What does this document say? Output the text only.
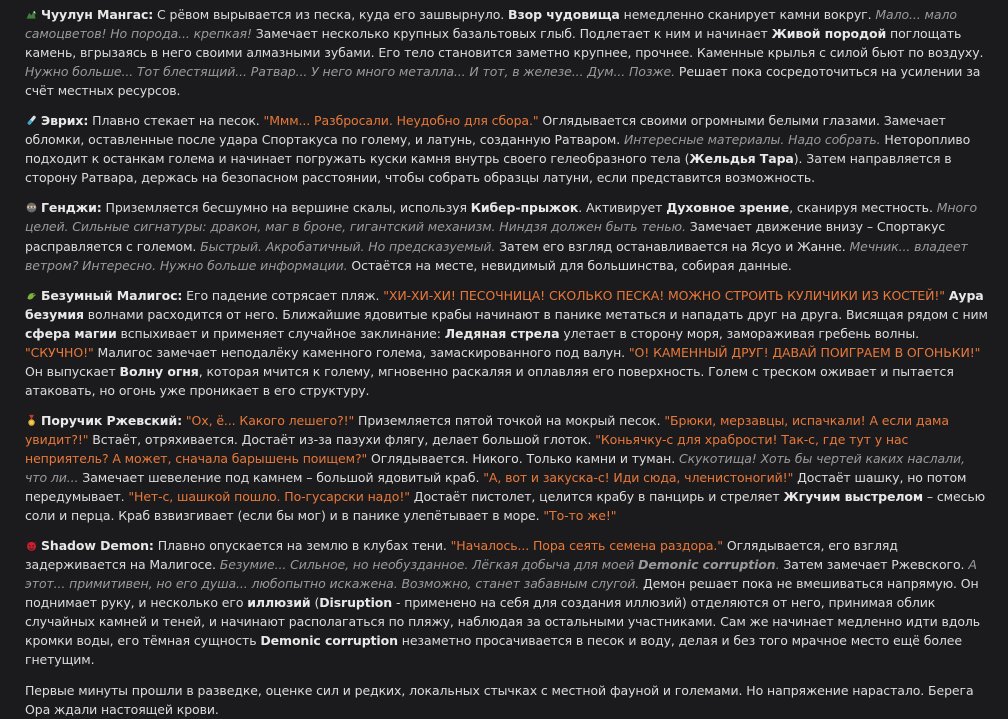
Чуулун Мангас: С рёвом вырывается из песка, куда его зашвырнуло. Взор чудовища немедленно сканирует камни вокруг. Мало... мало самоцветов! Но порода... крепкая! Замечает несколько крупных базальтовых глыб. Подлетает к ним и начинает Живой породой поглощать камень, вгрызаясь в него своими алмазными зубами. Его тело становится заметно крупнее, прочнее. Каменные крылья с силой бьют по воздуху. Нужно больше... Тот блестящий... Ратвар... У него много металла... И тот, в железе... Дум... Позже. Решает пока сосредоточиться на усилении за счёт местных ресурсов.
Эврих: Плавно стекает на песок. "Ммм... Разбросали. Неудобно для сбора." Оглядывается своими огромными белыми глазами. Замечает обломки, оставленные после удара Спортакуса по голему, и латунь, созданную Ратваром. Интересные материалы. Надо собрать. Неторопливо подходит к останкам голема и начинает погружать куски камня внутрь своего гелеобразного тела (Жельдья Тара). Затем направляется в сторону Ратвара, держась на безопасном расстоянии, чтобы собрать образцы латуни, если представится возможность.
Генджи: Приземляется бесшумно на вершине скалы, используя Кибер-прыжок. Активирует Духовное зрение, сканируя местность. Много целей. Сильные сигнатуры: дракон, маг в броне, гигантский механизм. Ниндзя должен быть тенью. Замечает движение внизу – Спортакус расправляется с големом. Быстрый. Акробатичный. Но предсказуемый. Затем его взгляд останавливается на Ясуо и Жанне. Мечник... владеет ветром? Интересно. Нужно больше информации. Остаётся на месте, невидимый для большинства, собирая данные.
Безумный Малигос: Его падение сотрясает пляж. "ХИ-ХИ-ХИ! ПЕСОЧНИЦА! СКОЛЬКО ПЕСКА! МОЖНО СТРОИТЬ КУЛИЧИКИ ИЗ КОСТЕЙ!" Аура безумия волнами расходится от него. Ближайшие ядовитые крабы начинают в панике метаться и нападать друг на друга. Висящая рядом с ним сфера магии вспыхивает и применяет случайное заклинание: Ледяная стрела улетает в сторону моря, замораживая гребень волны. "СКУЧНО!" Малигос замечает неподалёку каменного голема, замаскированного под валун. "О! КАМЕННЫЙ ДРУГ! ДАВАЙ ПОИГРАЕМ В ОГОНЬКИ!" Он выпускает Волну огня, которая мчится к голему, мгновенно раскаляя и оплавляя его поверхность. Голем с треском оживает и пытается атаковать, но огонь уже проникает в его структуру.
Поручик Ржевский: "Ох, ё... Какого лешего?!" Приземляется пятой точкой на мокрый песок. "Брюки, мерзавцы, испачкали! А если дама увидит?!" Встаёт, отряхивается. Достаёт из-за пазухи флягу, делает большой глоток. "Коньячку-с для храбрости! Так-с, где тут у нас неприятель? А может, сначала барышень поищем?" Оглядывается. Никого. Только камни и туман. Скукотища! Хоть бы чертей каких наслали, что ли... Замечает шевеление под камнем – большой ядовитый краб. "А, вот и закуска-с! Иди сюда, членистоногий!" Достаёт шашку, но потом передумывает. "Нет-с, шашкой пошло. По-гусарски надо!" Достаёт пистолет, целится крабу в панцирь и стреляет Жгучим выстрелом – смесью соли и перца. Краб взвизгивает (если бы мог) и в панике улепётывает в море. "То-то же!"
Shadow Demon: Плавно опускается на землю в клубах тени. "Началось... Пора сеять семена раздора." Оглядывается, его взгляд задерживается на Малигосе. Безумие... Сильное, но необузданное. Лёгкая добыча для моей Demonic corruption. Затем замечает Ржевского. А этот... примитивен, но его душа... любопытно искажена. Возможно, станет забавным слугой. Демон решает пока не вмешиваться напрямую. Он поднимает руку, и несколько его иллюзий (Disruption - применено на себя для создания иллюзий) отделяются от него, принимая облик случайных камней и теней, и начинают располагаться по пляжу, наблюдая за остальными участниками. Сам же начинает медленно идти вдоль кромки воды, его тёмная сущность Demonic corruption незаметно просачивается в песок и воду, делая и без того мрачное место ещё более гнетущим.
Первые минуты прошли в разведке, оценке сил и редких, локальных стычках с местной фауной и големами. Но напряжение нарастало. Берега Ора ждали настоящей крови.
